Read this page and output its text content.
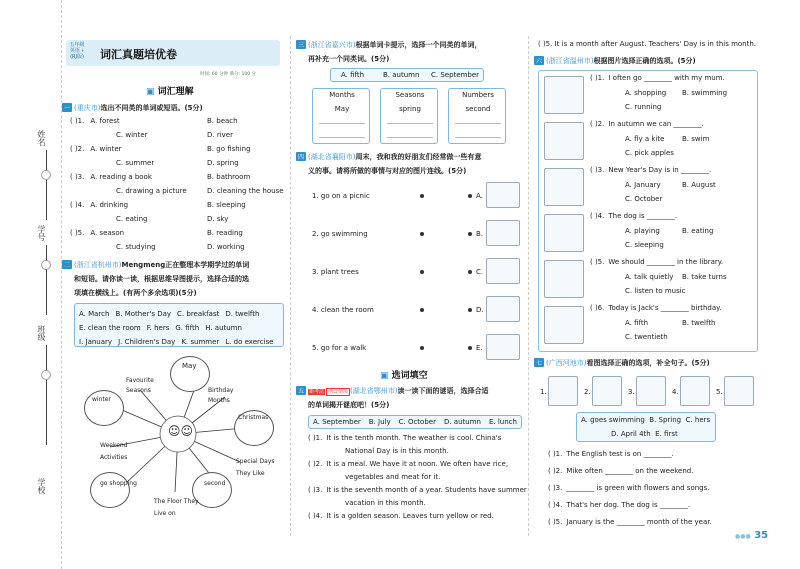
姓名
学号
班级
学校
五年级
英语 ⊦
(RJ版)	词汇真题培优卷
时间: 60 分钟 满分: 100 分
▣ 词汇理解
一 (重庆市)选出不同类的单词或短语。(5分)
( )1. A. forest	B. beach
C. winter	D. river
( )2. A. winter	B. go fishing
C. summer	D. spring
( )3. A. reading a book	B. bathroom
C. drawing a picture	D. cleaning the house
( )4. A. drinking	B. sleeping
C. eating	D. sky
( )5. A. season	B. reading
C. studying	D. working
二 (浙江省杭州市)Mengmeng正在整理本学期学过的单词
和短语。请你读一读，根据思维导图提示，选择合适的选
项填在横线上。(有两个多余选项)(5分)
A. March B. Mother's Day C. breakfast D. twelfth
E. clean the room F. hers G. fifth H. autumn
I. January J. Children's Day K. summer L. do exercise
May
Favourite Seasons	Birthday Months
winter
Christmas
Weekend Activities
Special Days They Like
go shopping
The Floor They Live on
second
☺☺
三 (浙江省嘉兴市)根据单词卡提示，选择一个同类的单词，
再补充一个同类词。(5分)
A. fifth	B. autumn C. September
Months
May
Seasons
spring
Numbers
second
四 (湖北省襄阳市)周末，我和我的好朋友们经常做一些有意
义的事。请将所做的事情与对应的图片连线。(5分)
1. go on a picnic	A.
2. go swimming	B.
3. plant trees	C.
4. clean the room	D.
5. go for a walk	E.
▣ 选词填空
五 新考法 创设情境 (湖北省鄂州市)读一读下面的谜语，选择合适
的单词揭开谜底吧！(5分)
A. September B. July C. October D. autumn E. lunch
( )1. It is the tenth month. The weather is cool. China's
National Day is in this month.
( )2. It is a meal. We have it at noon. We often have rice,
vegetables and meat for it.
( )3. It is the seventh month of a year. Students have summer
vacation in this month.
( )4. It is a golden season. Leaves turn yellow or red.
( )5. It is a month after August. Teachers' Day is in this month.
六 (浙江省温州市)根据图片选择正确的选项。(5分)
( )1. I often go ________ with my mum.
A. shopping B. swimming
C. running
( )2. In autumn we can ________.
A. fly a kite	B. swim
C. pick apples
( )3. New Year's Day is in ________.
A. January	B. August
C. October
( )4. The dog is ________.
A. playing	B. eating
C. sleeping
( )5. We should ________ in the library.
A. talk quietly B. take turns
C. listen to music
( )6. Today is Jack's ________ birthday.
A. fifth	B. twelfth
C. twentieth
七 (广西河池市)看图选择正确的选项，补全句子。(5分)
1.	2.	3.	4.	5.
A. goes swimming B. Spring C. hers
D. April 4th E. first
( )1. The English test is on ________.
( )2. Mike often ________ on the weekend.
( )3. ________ is green with flowers and songs.
( )4. That's her dog. The dog is ________.
( )5. January is the ________ month of the year.
●●● 35
